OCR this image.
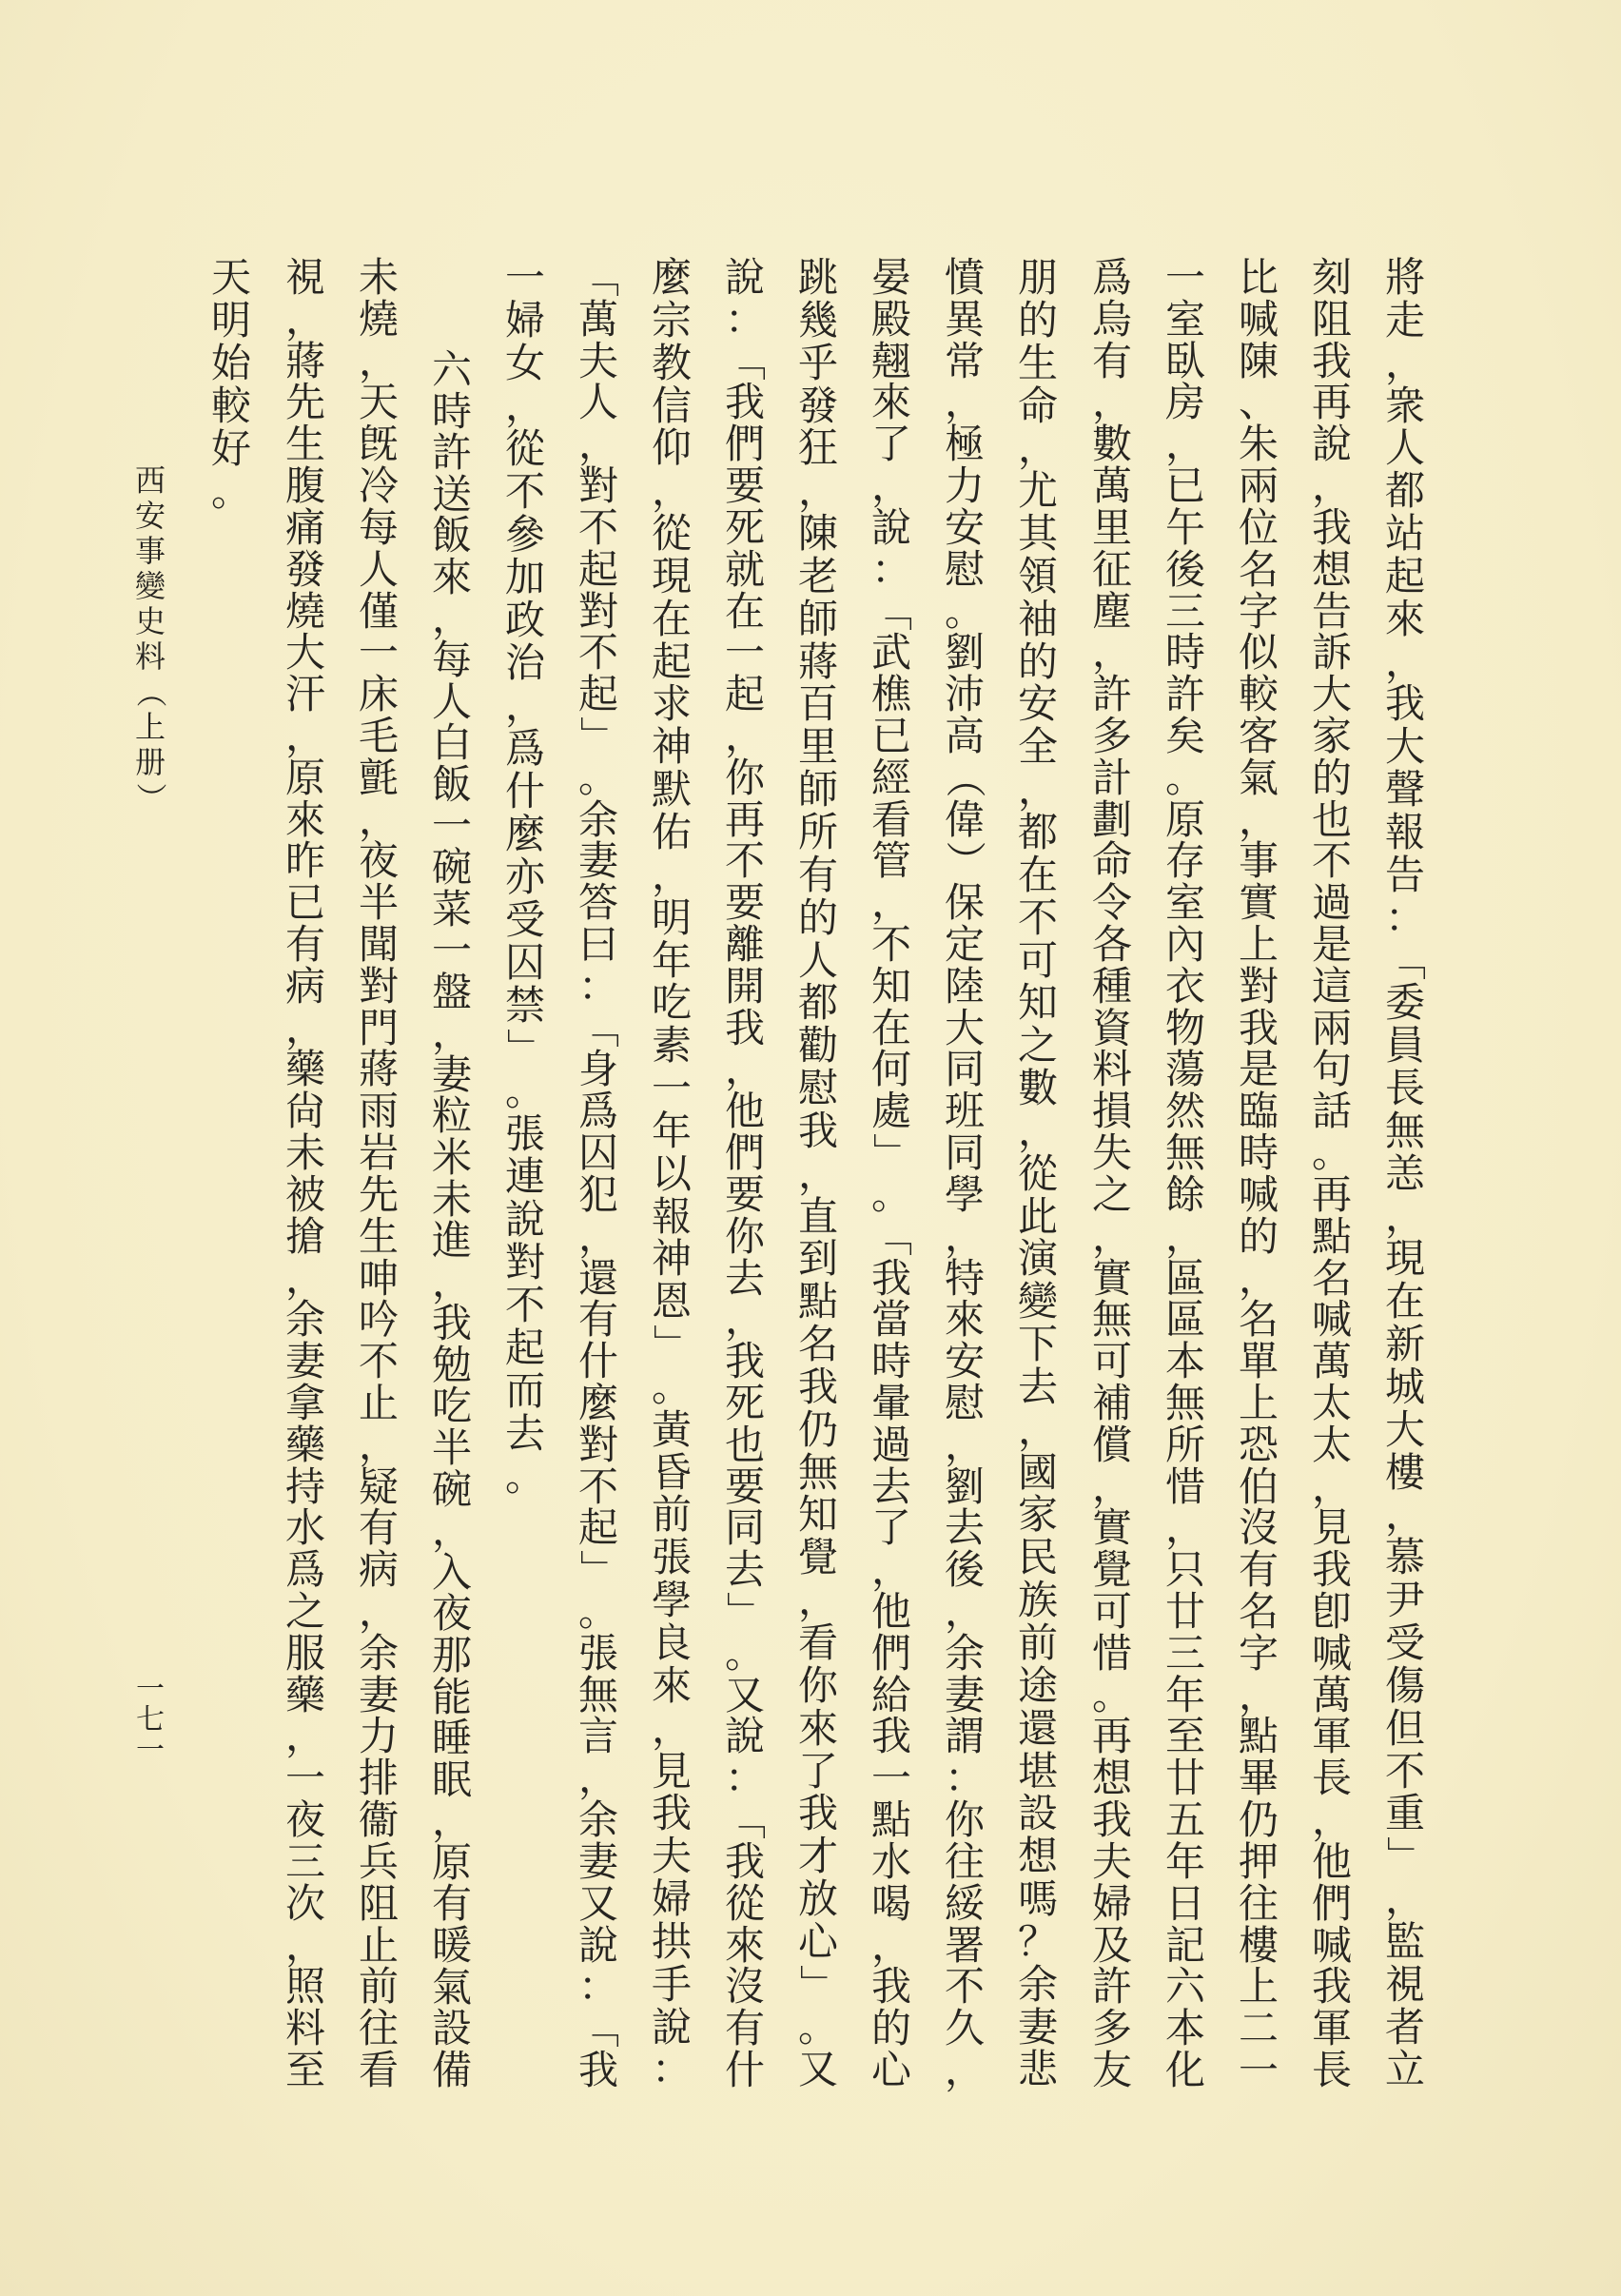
將
走
，
衆
人
都
站
起
來
，
我
大
聲
報
告
：
「
委
員
長
無
恙
，
現
在
新
城
大
樓
，
慕
尹
受
傷
但
不
重
」
，
監
視
者
立
刻
阻
我
再
說
，
我
想
告
訴
大
家
的
也
不
過
是
這
兩
句
話
。
再
點
名
喊
萬
太
太
，
見
我
卽
喊
萬
軍
長
，
他
們
喊
我
軍
長
比
喊
陳
、
朱
兩
位
名
字
似
較
客
氣
，
事
實
上
對
我
是
臨
時
喊
的
，
名
單
上
恐
伯
沒
有
名
字
，
點
畢
仍
押
往
樓
上
二
一
一
室
臥
房
，
已
午
後
三
時
許
矣
。
原
存
室
內
衣
物
蕩
然
無
餘
，
區
區
本
無
所
惜
，
只
廿
三
年
至
廿
五
年
日
記
六
本
化
爲
烏
有
，
數
萬
里
征
塵
，
許
多
計
劃
命
令
各
種
資
料
損
失
之
，
實
無
可
補
償
，
實
覺
可
惜
。
再
想
我
夫
婦
及
許
多
友
朋
的
生
命
，
尤
其
領
袖
的
安
全
，
都
在
不
可
知
之
數
，
從
此
演
變
下
去
，
國
家
民
族
前
途
還
堪
設
想
嗎
？
余
妻
悲
憤
異
常
，
極
力
安
慰
。
劉
沛
高
（
偉
）
保
定
陸
大
同
班
同
學
，
特
來
安
慰
，
劉
去
後
，
余
妻
謂
：
你
往
綏
署
不
久
，
晏
殿
翹
來
了
，
說
：
「
武
樵
已
經
看
管
，
不
知
在
何
處
」
。
「
我
當
時
暈
過
去
了
，
他
們
給
我
一
點
水
喝
，
我
的
心
跳
幾
乎
發
狂
，
陳
老
師
蔣
百
里
師
所
有
的
人
都
勸
慰
我
，
直
到
點
名
我
仍
無
知
覺
，
看
你
來
了
我
才
放
心
」
。
又
說
：
「
我
們
要
死
就
在
一
起
，
你
再
不
要
離
開
我
，
他
們
要
你
去
，
我
死
也
要
同
去
」
。
又
說
：
「
我
從
來
沒
有
什
麼
宗
教
信
仰
，
從
現
在
起
求
神
默
佑
，
明
年
吃
素
一
年
以
報
神
恩
」
。
黃
昏
前
張
學
良
來
，
見
我
夫
婦
拱
手
說
：
「
萬
夫
人
，
對
不
起
對
不
起
」
。
余
妻
答
曰
：
「
身
爲
囚
犯
，
還
有
什
麼
對
不
起
」
。
張
無
言
，
余
妻
又
說
：
「
我
一
婦
女
，
從
不
參
加
政
治
，
爲
什
麼
亦
受
囚
禁
」
。
張
連
說
對
不
起
而
去
。
六
時
許
送
飯
來
，
每
人
白
飯
一
碗
菜
一
盤
，
妻
粒
米
未
進
，
我
勉
吃
半
碗
，
入
夜
那
能
睡
眠
，
原
有
暖
氣
設
備
未
燒
，
天
旣
冷
每
人
僅
一
床
毛
氈
，
夜
半
聞
對
門
蔣
雨
岩
先
生
呻
吟
不
止
，
疑
有
病
，
余
妻
力
排
衞
兵
阻
止
前
往
看
視
，
蔣
先
生
腹
痛
發
燒
大
汗
，
原
來
昨
已
有
病
，
藥
尙
未
被
搶
，
余
妻
拿
藥
持
水
爲
之
服
藥
，
一
夜
三
次
，
照
料
至
天
明
始
較
好
。
西
安
事
變
史
料
（
上
册
）
一
七
一
